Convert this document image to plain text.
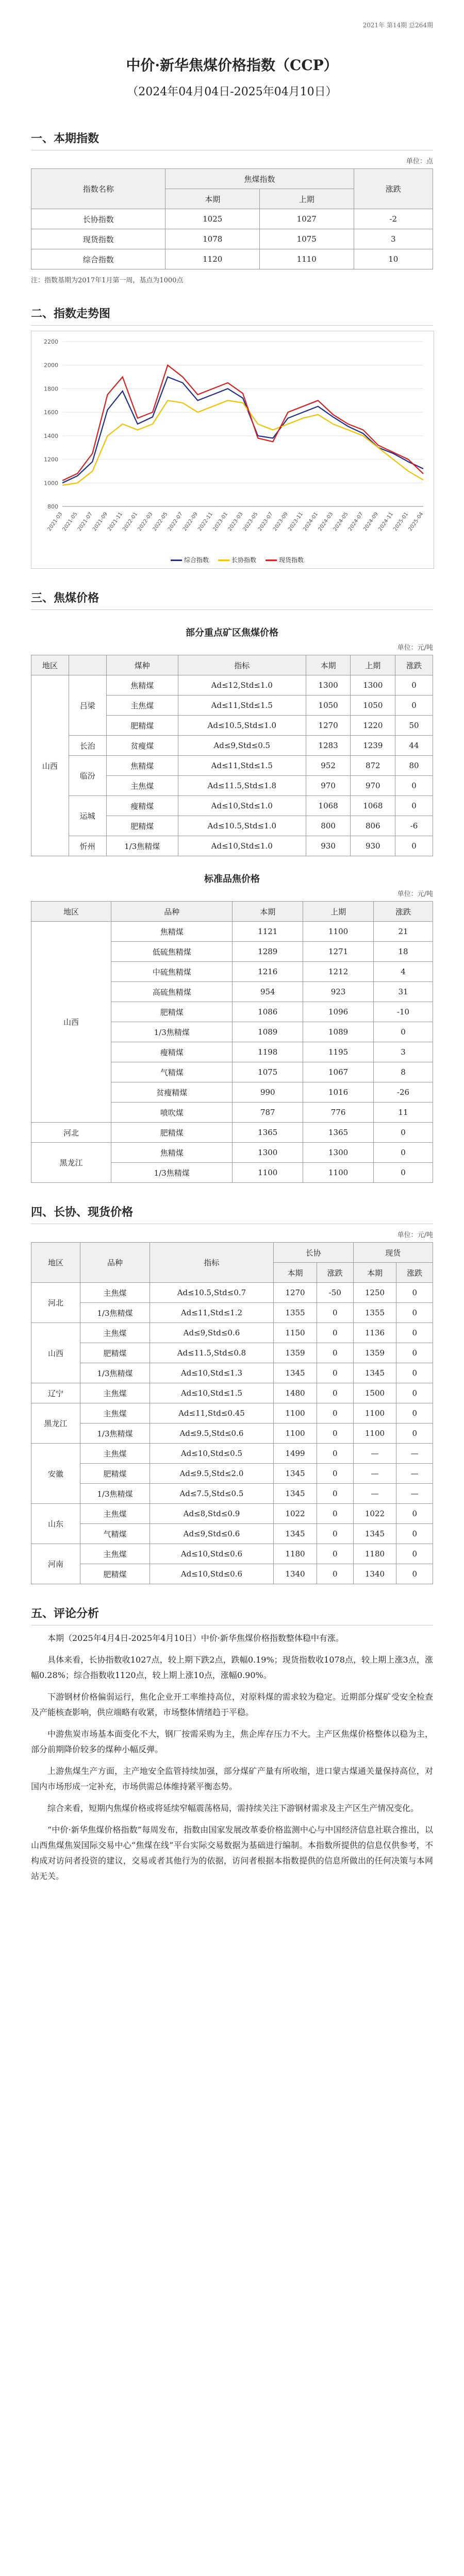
2021年 第14期 总264期
中价·新华焦煤价格指数（CCP）
（2024年04月04日-2025年04月10日）
一、本期指数
单位：点
指数名称	焦煤指数		涨跌
	本期	上期	
长协指数	1025	1027	-2
现货指数	1078	1075	3
综合指数	1120	1110	10
注：指数基期为2017年1月第一周，基点为1000点
二、指数走势图
800
1000
1200
1400
1600
1800
2000
2200
2021-03
2021-05
2021-07
2021-09
2021-11
2022-01
2022-03
2022-05
2022-07
2022-09
2022-11
2023-01
2023-03
2023-05
2023-07
2023-09
2023-11
2024-01
2024-03
2024-05
2024-07
2024-09
2024-11
2025-01
2025-04
综合指数	长协指数	现货指数
三、焦煤价格
部分重点矿区焦煤价格
单位：元/吨
地区		煤种	指标	本期	上期	涨跌
山西	吕梁	焦精煤	Ad≤12,Std≤1.0	1300	1300	0
		主焦煤	Ad≤11,Std≤1.5	1050	1050	0
		肥精煤	Ad≤10.5,Std≤1.0	1270	1220	50
	长治	贫瘦煤	Ad≤9,Std≤0.5	1283	1239	44
	临汾	焦精煤	Ad≤11,Std≤1.5	952	872	80
		主焦煤	Ad≤11.5,Std≤1.8	970	970	0
	运城	瘦精煤	Ad≤10,Std≤1.0	1068	1068	0
		肥精煤	Ad≤10.5,Std≤1.0	800	806	-6
	忻州	1/3焦精煤	Ad≤10,Std≤1.0	930	930	0
标准品焦价格
单位：元/吨
地区	品种	本期	上期	涨跌
山西	焦精煤	1121	1100	21
	低硫焦精煤	1289	1271	18
	中硫焦精煤	1216	1212	4
	高硫焦精煤	954	923	31
	肥精煤	1086	1096	-10
	1/3焦精煤	1089	1089	0
	瘦精煤	1198	1195	3
	气精煤	1075	1067	8
	贫瘦精煤	990	1016	-26
	喷吹煤	787	776	11
河北	肥精煤	1365	1365	0
黑龙江	焦精煤	1300	1300	0
	1/3焦精煤	1100	1100	0
四、长协、现货价格
单位：元/吨
地区	品种	指标	长协		现货	
			本期	涨跌	本期	涨跌
河北	主焦煤	Ad≤10.5,Std≤0.7	1270	-50	1250	0
	1/3焦精煤	Ad≤11,Std≤1.2	1355	0	1355	0
山西	主焦煤	Ad≤9,Std≤0.6	1150	0	1136	0
	肥精煤	Ad≤11.5,Std≤0.8	1359	0	1359	0
	1/3焦精煤	Ad≤10,Std≤1.3	1345	0	1345	0
辽宁	主焦煤	Ad≤10,Std≤1.5	1480	0	1500	0
黑龙江	主焦煤	Ad≤11,Std≤0.45	1100	0	1100	0
	1/3焦精煤	Ad≤9.5,Std≤0.6	1100	0	1100	0
安徽	主焦煤	Ad≤10,Std≤0.5	1499	0	—	—
	肥精煤	Ad≤9.5,Std≤2.0	1345	0	—	—
	1/3焦精煤	Ad≤7.5,Std≤0.5	1345	0	—	—
山东	主焦煤	Ad≤8,Std≤0.9	1022	0	1022	0
	气精煤	Ad≤9,Std≤0.6	1345	0	1345	0
河南	主焦煤	Ad≤10,Std≤0.6	1180	0	1180	0
	肥精煤	Ad≤10,Std≤0.6	1340	0	1340	0
五、评论分析

本期（2025年4月4日-2025年4月10日）中价·新华焦煤价格指数整体稳中有涨。

具体来看，长协指数收1027点，较上期下跌2点，跌幅0.19%；现货指数收1078点，较上期上涨3点，涨幅0.28%；综合指数收1120点，较上期上涨10点，涨幅0.90%。

下游钢材价格偏弱运行，焦化企业开工率维持高位，对原料煤的需求较为稳定。近期部分煤矿受安全检查及产能核查影响，供应端略有收紧，市场整体情绪趋于平稳。

中游焦炭市场基本面变化不大，钢厂按需采购为主，焦企库存压力不大。主产区焦煤价格整体以稳为主，部分前期降价较多的煤种小幅反弹。

上游焦煤生产方面，主产地安全监管持续加强，部分煤矿产量有所收缩，进口蒙古煤通关量保持高位，对国内市场形成一定补充，市场供需总体维持紧平衡态势。

综合来看，短期内焦煤价格或将延续窄幅震荡格局，需持续关注下游钢材需求及主产区生产情况变化。

“中价·新华焦煤价格指数”每周发布，指数由国家发展改革委价格监测中心与中国经济信息社联合推出，以山西焦煤焦炭国际交易中心“焦煤在线”平台实际交易数据为基础进行编制。本指数所提供的信息仅供参考，不构成对访问者投资的建议，交易或者其他行为的依据，访问者根据本指数提供的信息所做出的任何决策与本网站无关。
